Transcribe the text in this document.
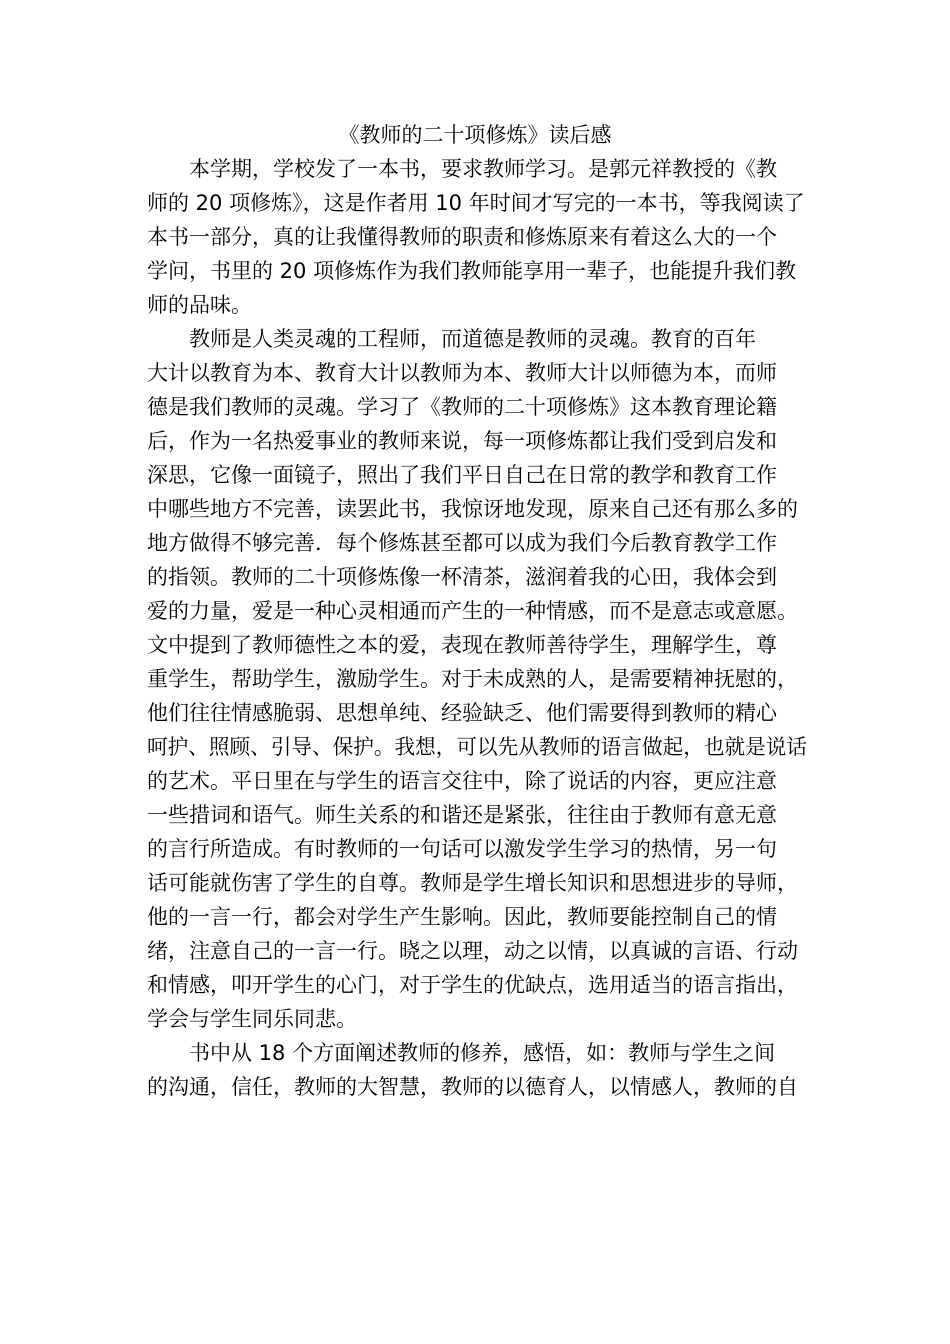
《教师的二十项修炼》读后感

本学期，学校发了一本书，要求教师学习。是郭元祥教授的《教
师的 20 项修炼》，这是作者用 10 年时间才写完的一本书，等我阅读了
本书一部分，真的让我懂得教师的职责和修炼原来有着这么大的一个
学问，书里的 20 项修炼作为我们教师能享用一辈子，也能提升我们教
师的品味。

教师是人类灵魂的工程师，而道德是教师的灵魂。教育的百年
大计以教育为本、教育大计以教师为本、教师大计以师德为本，而师
德是我们教师的灵魂。学习了《教师的二十项修炼》这本教育理论籍
后，作为一名热爱事业的教师来说，每一项修炼都让我们受到启发和
深思，它像一面镜子，照出了我们平日自己在日常的教学和教育工作
中哪些地方不完善，读罢此书，我惊讶地发现，原来自己还有那么多的
地方做得不够完善．每个修炼甚至都可以成为我们今后教育教学工作
的指领。教师的二十项修炼像一杯清茶，滋润着我的心田，我体会到
爱的力量，爱是一种心灵相通而产生的一种情感，而不是意志或意愿。
文中提到了教师德性之本的爱，表现在教师善待学生，理解学生，尊
重学生，帮助学生，激励学生。对于未成熟的人，是需要精神抚慰的，
他们往往情感脆弱、思想单纯、经验缺乏、他们需要得到教师的精心
呵护、照顾、引导、保护。我想，可以先从教师的语言做起，也就是说话
的艺术。平日里在与学生的语言交往中，除了说话的内容，更应注意
一些措词和语气。师生关系的和谐还是紧张，往往由于教师有意无意
的言行所造成。有时教师的一句话可以激发学生学习的热情，另一句
话可能就伤害了学生的自尊。教师是学生增长知识和思想进步的导师，
他的一言一行，都会对学生产生影响。因此，教师要能控制自己的情
绪，注意自己的一言一行。晓之以理，动之以情，以真诚的言语、行动
和情感，叩开学生的心门，对于学生的优缺点，选用适当的语言指出，
学会与学生同乐同悲。

书中从 18 个方面阐述教师的修养，感悟，如：教师与学生之间
的沟通，信任，教师的大智慧，教师的以德育人，以情感人，教师的自
